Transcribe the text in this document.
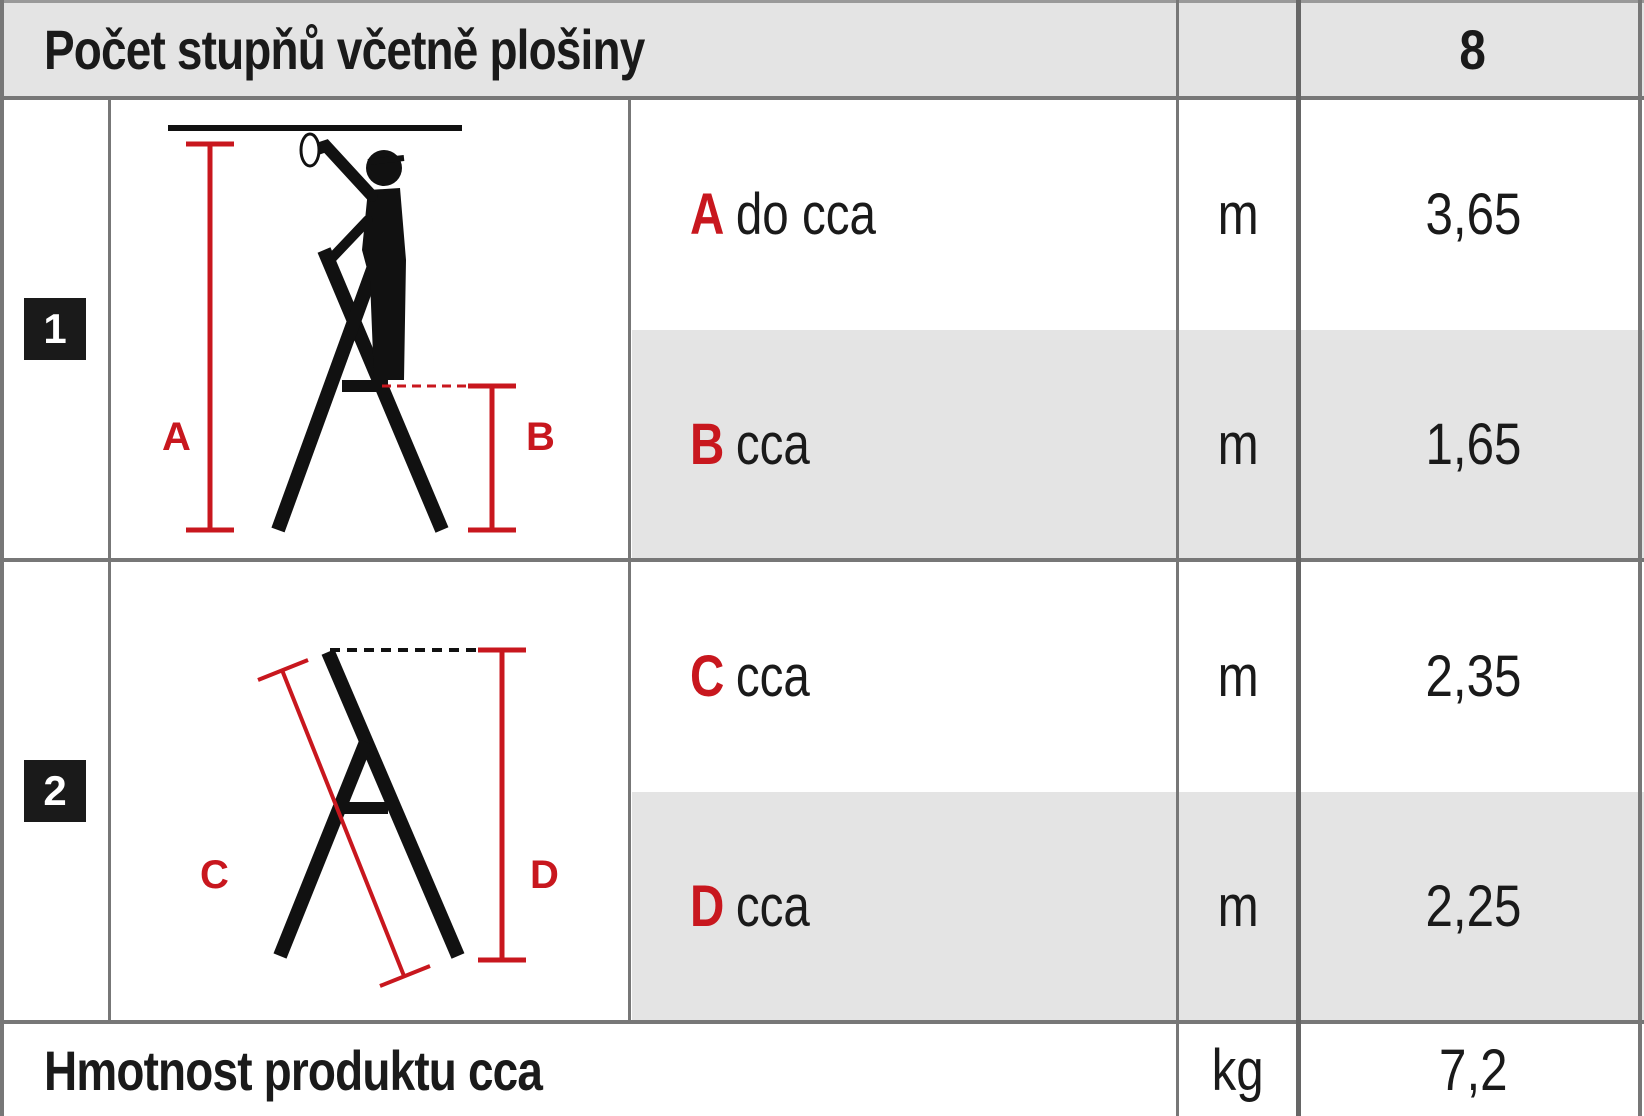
Počet stupňů včetně plošiny	8
1
A	B
A do cca	m	3,65
B cca	m	1,65
2
C	D
C cca	m	2,35
D cca	m	2,25
Hmotnost produktu cca	kg	7,2
